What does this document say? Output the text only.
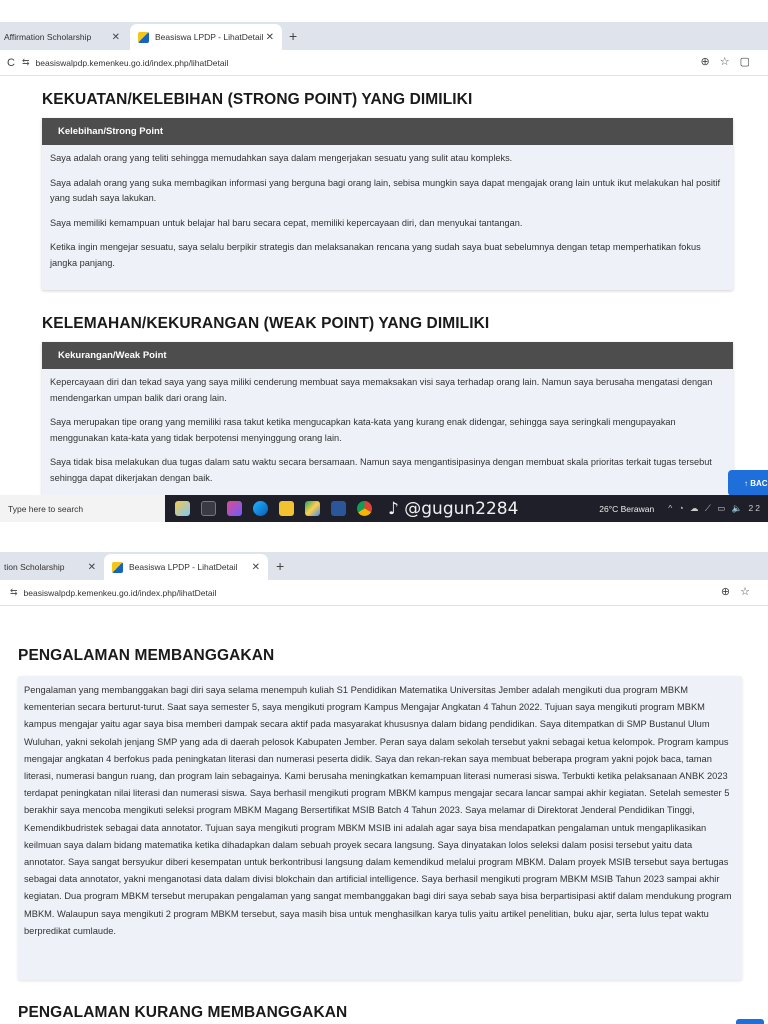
Affirmation Scholarship ✕	Beasiswa LPDP - LihatDetail ✕ +
C ⇆ beasiswalpdp.kemenkeu.go.id/index.php/lihatDetail	⊕☆▢
KEKUATAN/KELEBIHAN (STRONG POINT) YANG DIMILIKI
Kelebihan/Strong Point

Saya adalah orang yang teliti sehingga memudahkan saya dalam mengerjakan sesuatu yang sulit atau kompleks.

Saya adalah orang yang suka membagikan informasi yang berguna bagi orang lain, sebisa mungkin saya dapat mengajak orang lain untuk ikut melakukan hal positif yang sudah saya lakukan.

Saya memiliki kemampuan untuk belajar hal baru secara cepat, memiliki kepercayaan diri, dan menyukai tantangan.

Ketika ingin mengejar sesuatu, saya selalu berpikir strategis dan melaksanakan rencana yang sudah saya buat sebelumnya dengan tetap memperhatikan fokus jangka panjang.

KELEMAHAN/KEKURANGAN (WEAK POINT) YANG DIMILIKI
Kekurangan/Weak Point

Kepercayaan diri dan tekad saya yang saya miliki cenderung membuat saya memaksakan visi saya terhadap orang lain. Namun saya berusaha mengatasi dengan mendengarkan umpan balik dari orang lain.

Saya merupakan tipe orang yang memiliki rasa takut ketika mengucapkan kata-kata yang kurang enak didengar, sehingga saya seringkali mengupayakan menggunakan kata-kata yang tidak berpotensi menyinggung orang lain.

Saya tidak bisa melakukan dua tugas dalam satu waktu secara bersamaan. Namun saya mengantisipasinya dengan membuat skala prioritas terkait tugas tersebut sehingga dapat dikerjakan dengan baik.

↑ BAC
Type here to search	♪ @gugun2284	26°C Berawan ^ ◔ ☁ ⟋ ▭ 🔈 22
tion Scholarship ✕	Beasiswa LPDP - LihatDetail ✕ +
⇆ beasiswalpdp.kemenkeu.go.id/index.php/lihatDetail	⊕☆
PENGALAMAN MEMBANGGAKAN

Pengalaman yang membanggakan bagi diri saya selama menempuh kuliah S1 Pendidikan Matematika Universitas Jember adalah mengikuti dua program MBKM kementerian secara berturut-turut. Saat saya semester 5, saya mengikuti program Kampus Mengajar Angkatan 4 Tahun 2022. Tujuan saya mengikuti program MBKM kampus mengajar yaitu agar saya bisa memberi dampak secara aktif pada masyarakat khususnya dalam bidang pendidikan. Saya ditempatkan di SMP Bustanul Ulum Wuluhan, yakni sekolah jenjang SMP yang ada di daerah pelosok Kabupaten Jember. Peran saya dalam sekolah tersebut yakni sebagai ketua kelompok. Program kampus mengajar angkatan 4 berfokus pada peningkatan literasi dan numerasi peserta didik. Saya dan rekan-rekan saya membuat beberapa program yakni pojok baca, taman literasi, numerasi bangun ruang, dan program lain sebagainya. Kami berusaha meningkatkan kemampuan literasi numerasi siswa. Terbukti ketika pelaksanaan ANBK 2023 terdapat peningkatan nilai literasi dan numerasi siswa. Saya berhasil mengikuti program MBKM kampus mengajar secara lancar sampai akhir kegiatan. Setelah semester 5 berakhir saya mencoba mengikuti seleksi program MBKM Magang Bersertifikat MSIB Batch 4 Tahun 2023. Saya melamar di Direktorat Jenderal Pendidikan Tinggi, Kemendikbudristek sebagai data annotator. Tujuan saya mengikuti program MBKM MSIB ini adalah agar saya bisa mendapatkan pengalaman untuk mengaplikasikan keilmuan saya dalam bidang matematika ketika dihadapkan dalam sebuah proyek secara langsung. Saya dinyatakan lolos seleksi dalam posisi tersebut yaitu data annotator. Saya sangat bersyukur diberi kesempatan untuk berkontribusi langsung dalam kemendikud melalui program MBKM. Dalam proyek MSIB tersebut saya bertugas sebagai data annotator, yakni menganotasi data dalam divisi blokchain dan artificial intelligence. Saya berhasil mengikuti program MBKM MSIB Tahun 2023 sampai akhir kegiatan. Dua program MBKM tersebut merupakan pengalaman yang sangat membanggakan bagi diri saya sebab saya bisa berpartisipasi aktif dalam mendukung program MBKM. Walaupun saya mengikuti 2 program MBKM tersebut, saya masih bisa untuk menghasilkan karya tulis yaitu artikel penelitian, buku ajar, serta lulus tepat waktu berpredikat cumlaude.

PENGALAMAN KURANG MEMBANGGAKAN
